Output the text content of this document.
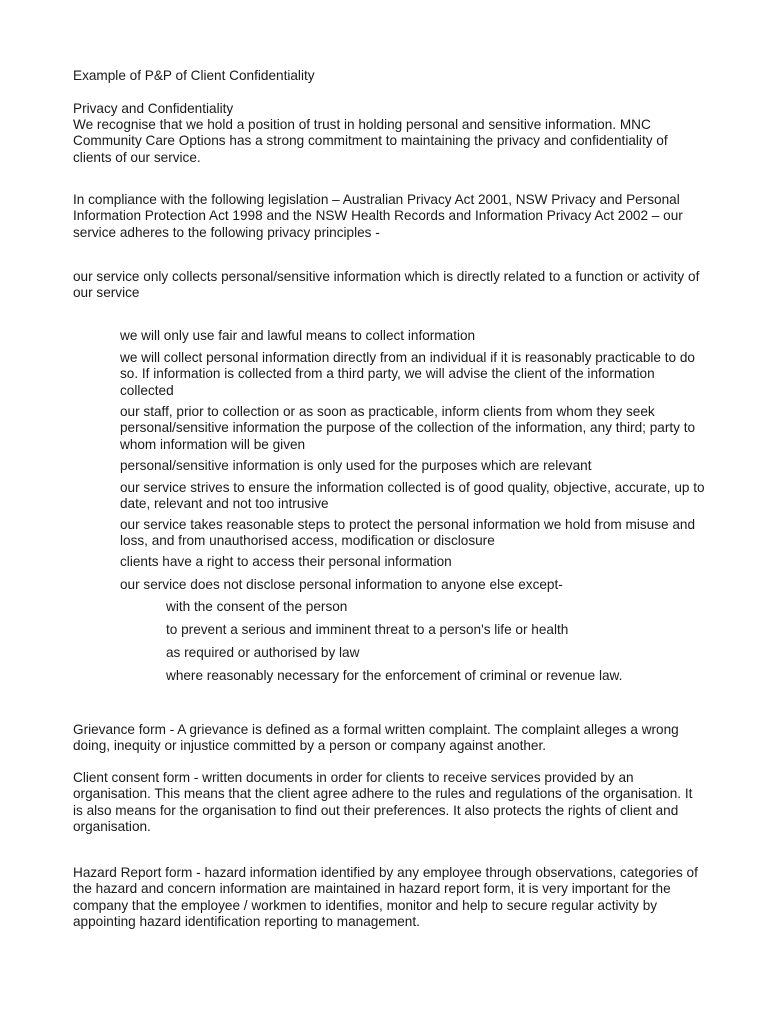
Example of P&P of Client Confidentiality

Privacy and Confidentiality

We recognise that we hold a position of trust in holding personal and sensitive information. MNC Community Care Options has a strong commitment to maintaining the privacy and confidentiality of clients of our service.

In compliance with the following legislation – Australian Privacy Act 2001, NSW Privacy and Personal Information Protection Act 1998 and the NSW Health Records and Information Privacy Act 2002 – our service adheres to the following privacy principles -

our service only collects personal/sensitive information which is directly related to a function or activity of our service

we will only use fair and lawful means to collect information

we will collect personal information directly from an individual if it is reasonably practicable to do so. If information is collected from a third party, we will advise the client of the information collected

our staff, prior to collection or as soon as practicable, inform clients from whom they seek personal/sensitive information the purpose of the collection of the information, any third; party to whom information will be given

personal/sensitive information is only used for the purposes which are relevant

our service strives to ensure the information collected is of good quality, objective, accurate, up to date, relevant and not too intrusive

our service takes reasonable steps to protect the personal information we hold from misuse and loss, and from unauthorised access, modification or disclosure

clients have a right to access their personal information

our service does not disclose personal information to anyone else except-

with the consent of the person

to prevent a serious and imminent threat to a person's life or health

as required or authorised by law

where reasonably necessary for the enforcement of criminal or revenue law.

Grievance form - A grievance is defined as a formal written complaint. The complaint alleges a wrong doing, inequity or injustice committed by a person or company against another.

Client consent form - written documents in order for clients to receive services provided by an organisation. This means that the client agree adhere to the rules and regulations of the organisation. It is also means for the organisation to find out their preferences. It also protects the rights of client and organisation.

Hazard Report form - hazard information identified by any employee through observations, categories of the hazard and concern information are maintained in hazard report form, it is very important for the company that the employee / workmen to identifies, monitor and help to secure regular activity by appointing hazard identification reporting to management.
